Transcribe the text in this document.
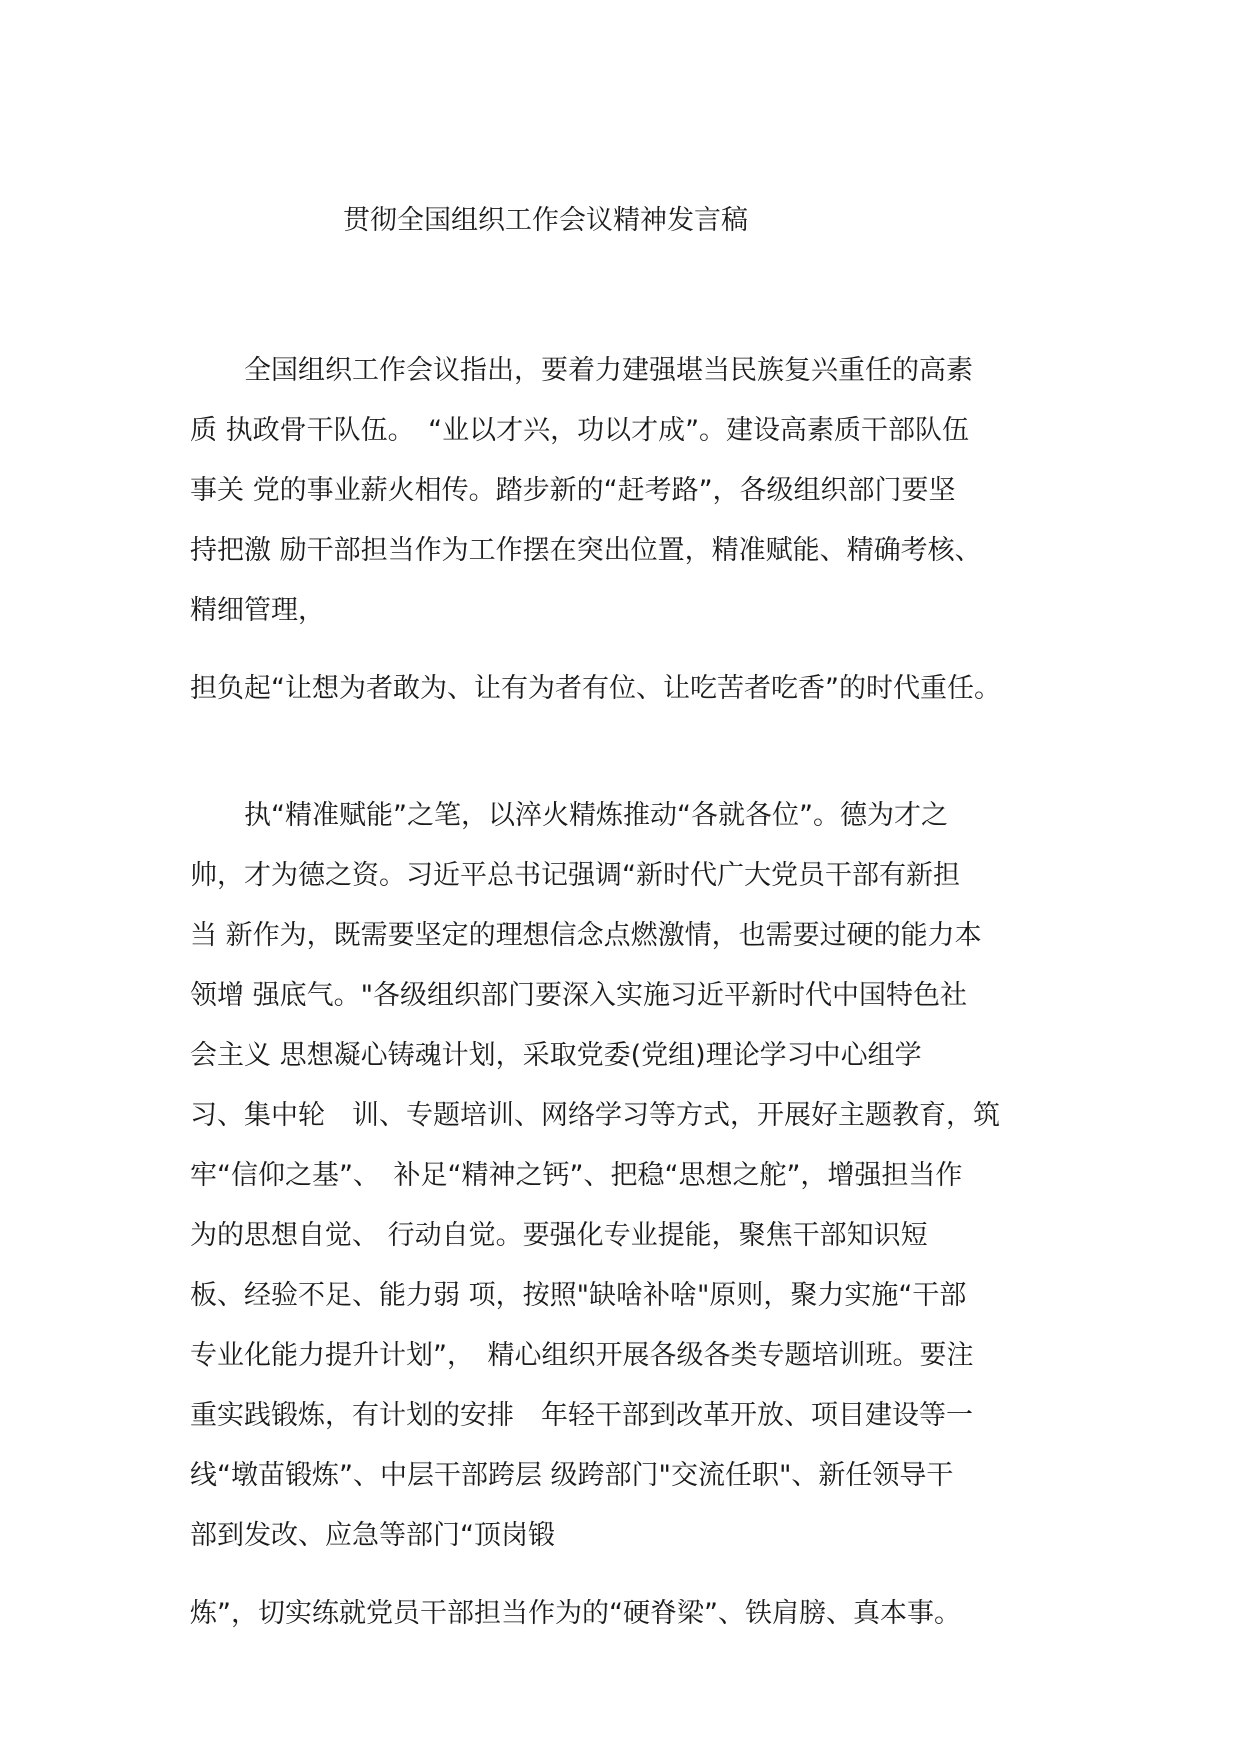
贯彻全国组织工作会议精神发言稿
　　全国组织工作会议指出，要着力建强堪当民族复兴重任的高素
质 执政骨干队伍。　“业以才兴，功以才成”。建设高素质干部队伍
事关 党的事业薪火相传。踏步新的“赶考路”，各级组织部门要坚
持把激 励干部担当作为工作摆在突出位置，精准赋能、精确考核、
精细管理，
担负起“让想为者敢为、让有为者有位、让吃苦者吃香”的时代重任。
　　执“精准赋能”之笔，以淬火精炼推动“各就各位”。德为才之
帅，才为德之资。习近平总书记强调“新时代广大党员干部有新担
当 新作为，既需要坚定的理想信念点燃激情，也需要过硬的能力本
领增 强底气。"各级组织部门要深入实施习近平新时代中国特色社
会主义 思想凝心铸魂计划，采取党委(党组)理论学习中心组学
习、集中轮　训、专题培训、网络学习等方式，开展好主题教育，筑
牢“信仰之基”、　补足“精神之钙”、把稳“思想之舵”，增强担当作
为的思想自觉、 行动自觉。要强化专业提能，聚焦干部知识短
板、经验不足、能力弱 项，按照"缺啥补啥"原则，聚力实施“干部
专业化能力提升计划”，　精心组织开展各级各类专题培训班。要注
重实践锻炼，有计划的安排　年轻干部到改革开放、项目建设等一
线“墩苗锻炼”、中层干部跨层 级跨部门"交流任职"、新任领导干
部到发改、应急等部门“顶岗锻
炼”，切实练就党员干部担当作为的“硬脊梁”、铁肩膀、真本事。
